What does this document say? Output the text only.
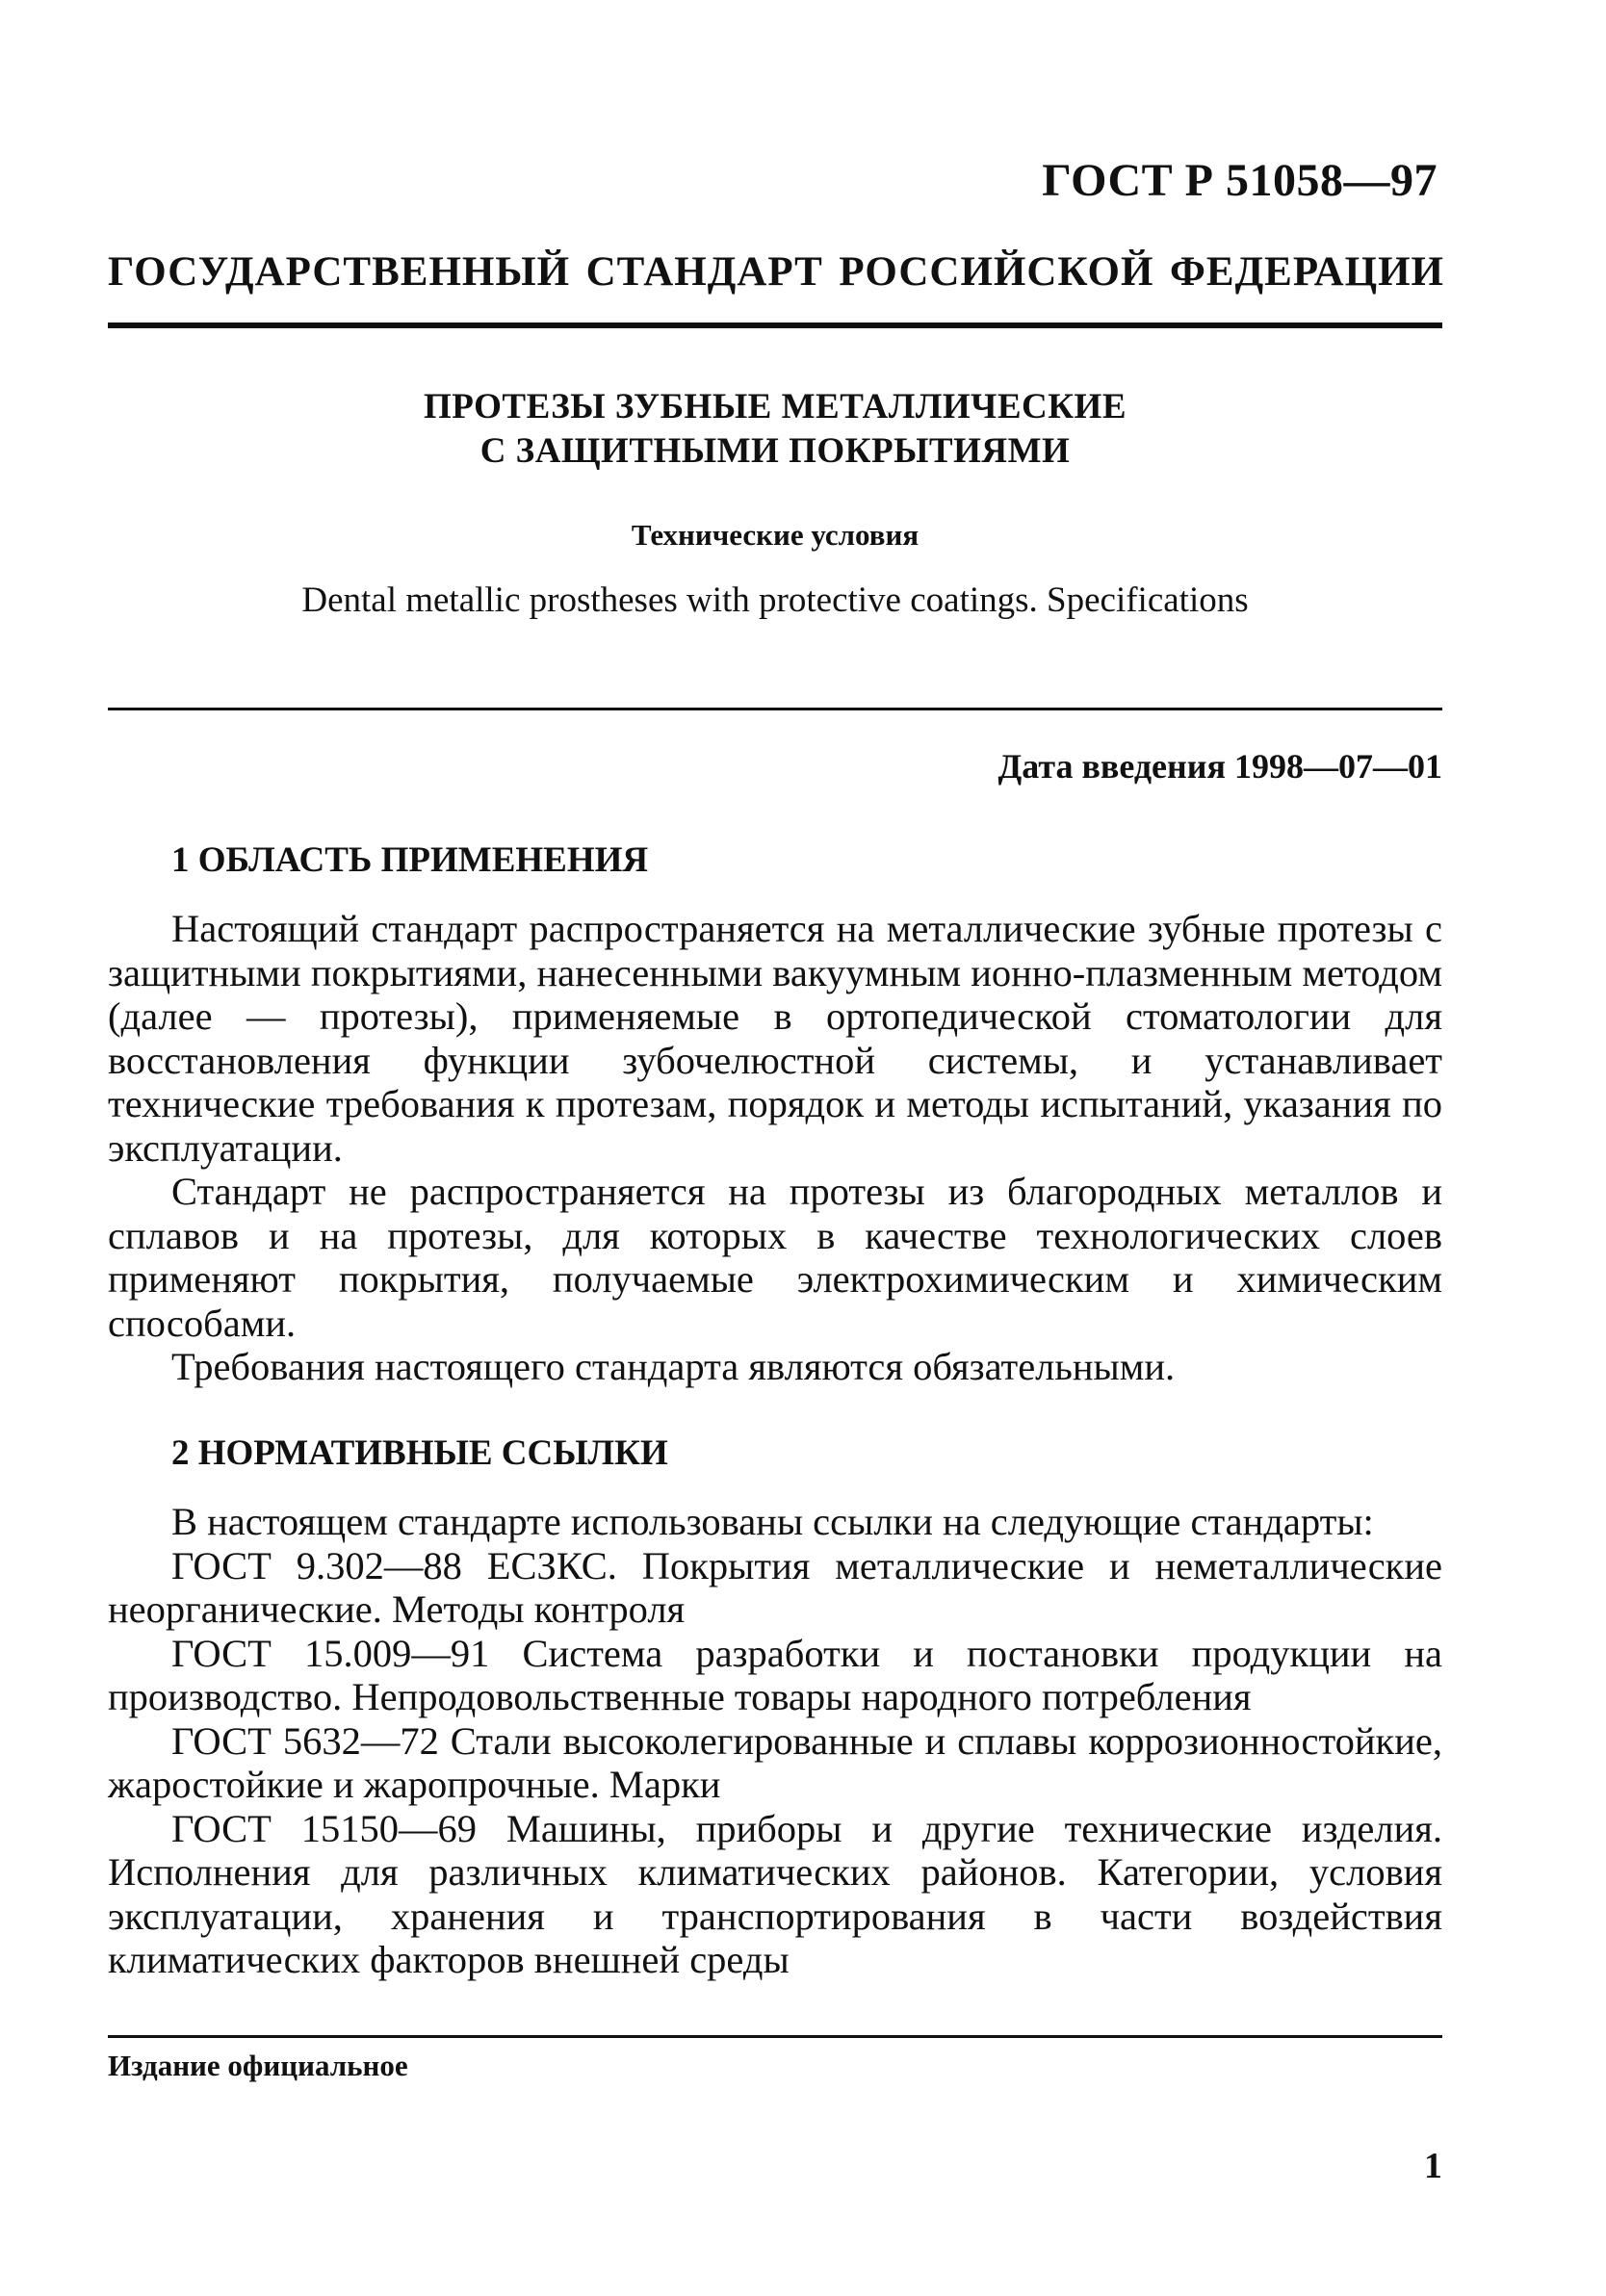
ГОСТ Р 51058—97
ГОСУДАРСТВЕННЫЙ СТАНДАРТ РОССИЙСКОЙ ФЕДЕРАЦИИ
ПРОТЕЗЫ ЗУБНЫЕ МЕТАЛЛИЧЕСКИЕ
С ЗАЩИТНЫМИ ПОКРЫТИЯМИ
Технические условия
Dental metallic prostheses with protective coatings. Specifications
Дата введения 1998—07—01
1 ОБЛАСТЬ ПРИМЕНЕНИЯ

Настоящий стандарт распространяется на металлические зубные протезы с защитными покрытиями, нанесенными вакуумным ионно-плазменным методом (далее — протезы), применяемые в ортопедической стоматологии для восстановления функции зубочелюстной системы, и устанавливает технические требования к протезам, порядок и методы испытаний, указания по эксплуатации.

Стандарт не распространяется на протезы из благородных металлов и сплавов и на протезы, для которых в качестве технологических слоев применяют покрытия, получаемые электрохимическим и химическим способами.

Требования настоящего стандарта являются обязательными.

2 НОРМАТИВНЫЕ ССЫЛКИ

В настоящем стандарте использованы ссылки на следующие стандарты:

ГОСТ 9.302—88 ЕСЗКС. Покрытия металлические и неметаллические неорганические. Методы контроля

ГОСТ 15.009—91 Система разработки и постановки продукции на производство. Непродовольственные товары народного потребления

ГОСТ 5632—72 Стали высоколегированные и сплавы коррозионностойкие, жаростойкие и жаропрочные. Марки

ГОСТ 15150—69 Машины, приборы и другие технические изделия. Исполнения для различных климатических районов. Категории, условия эксплуатации, хранения и транспортирования в части воздействия климатических факторов внешней среды

Издание официальное
1
